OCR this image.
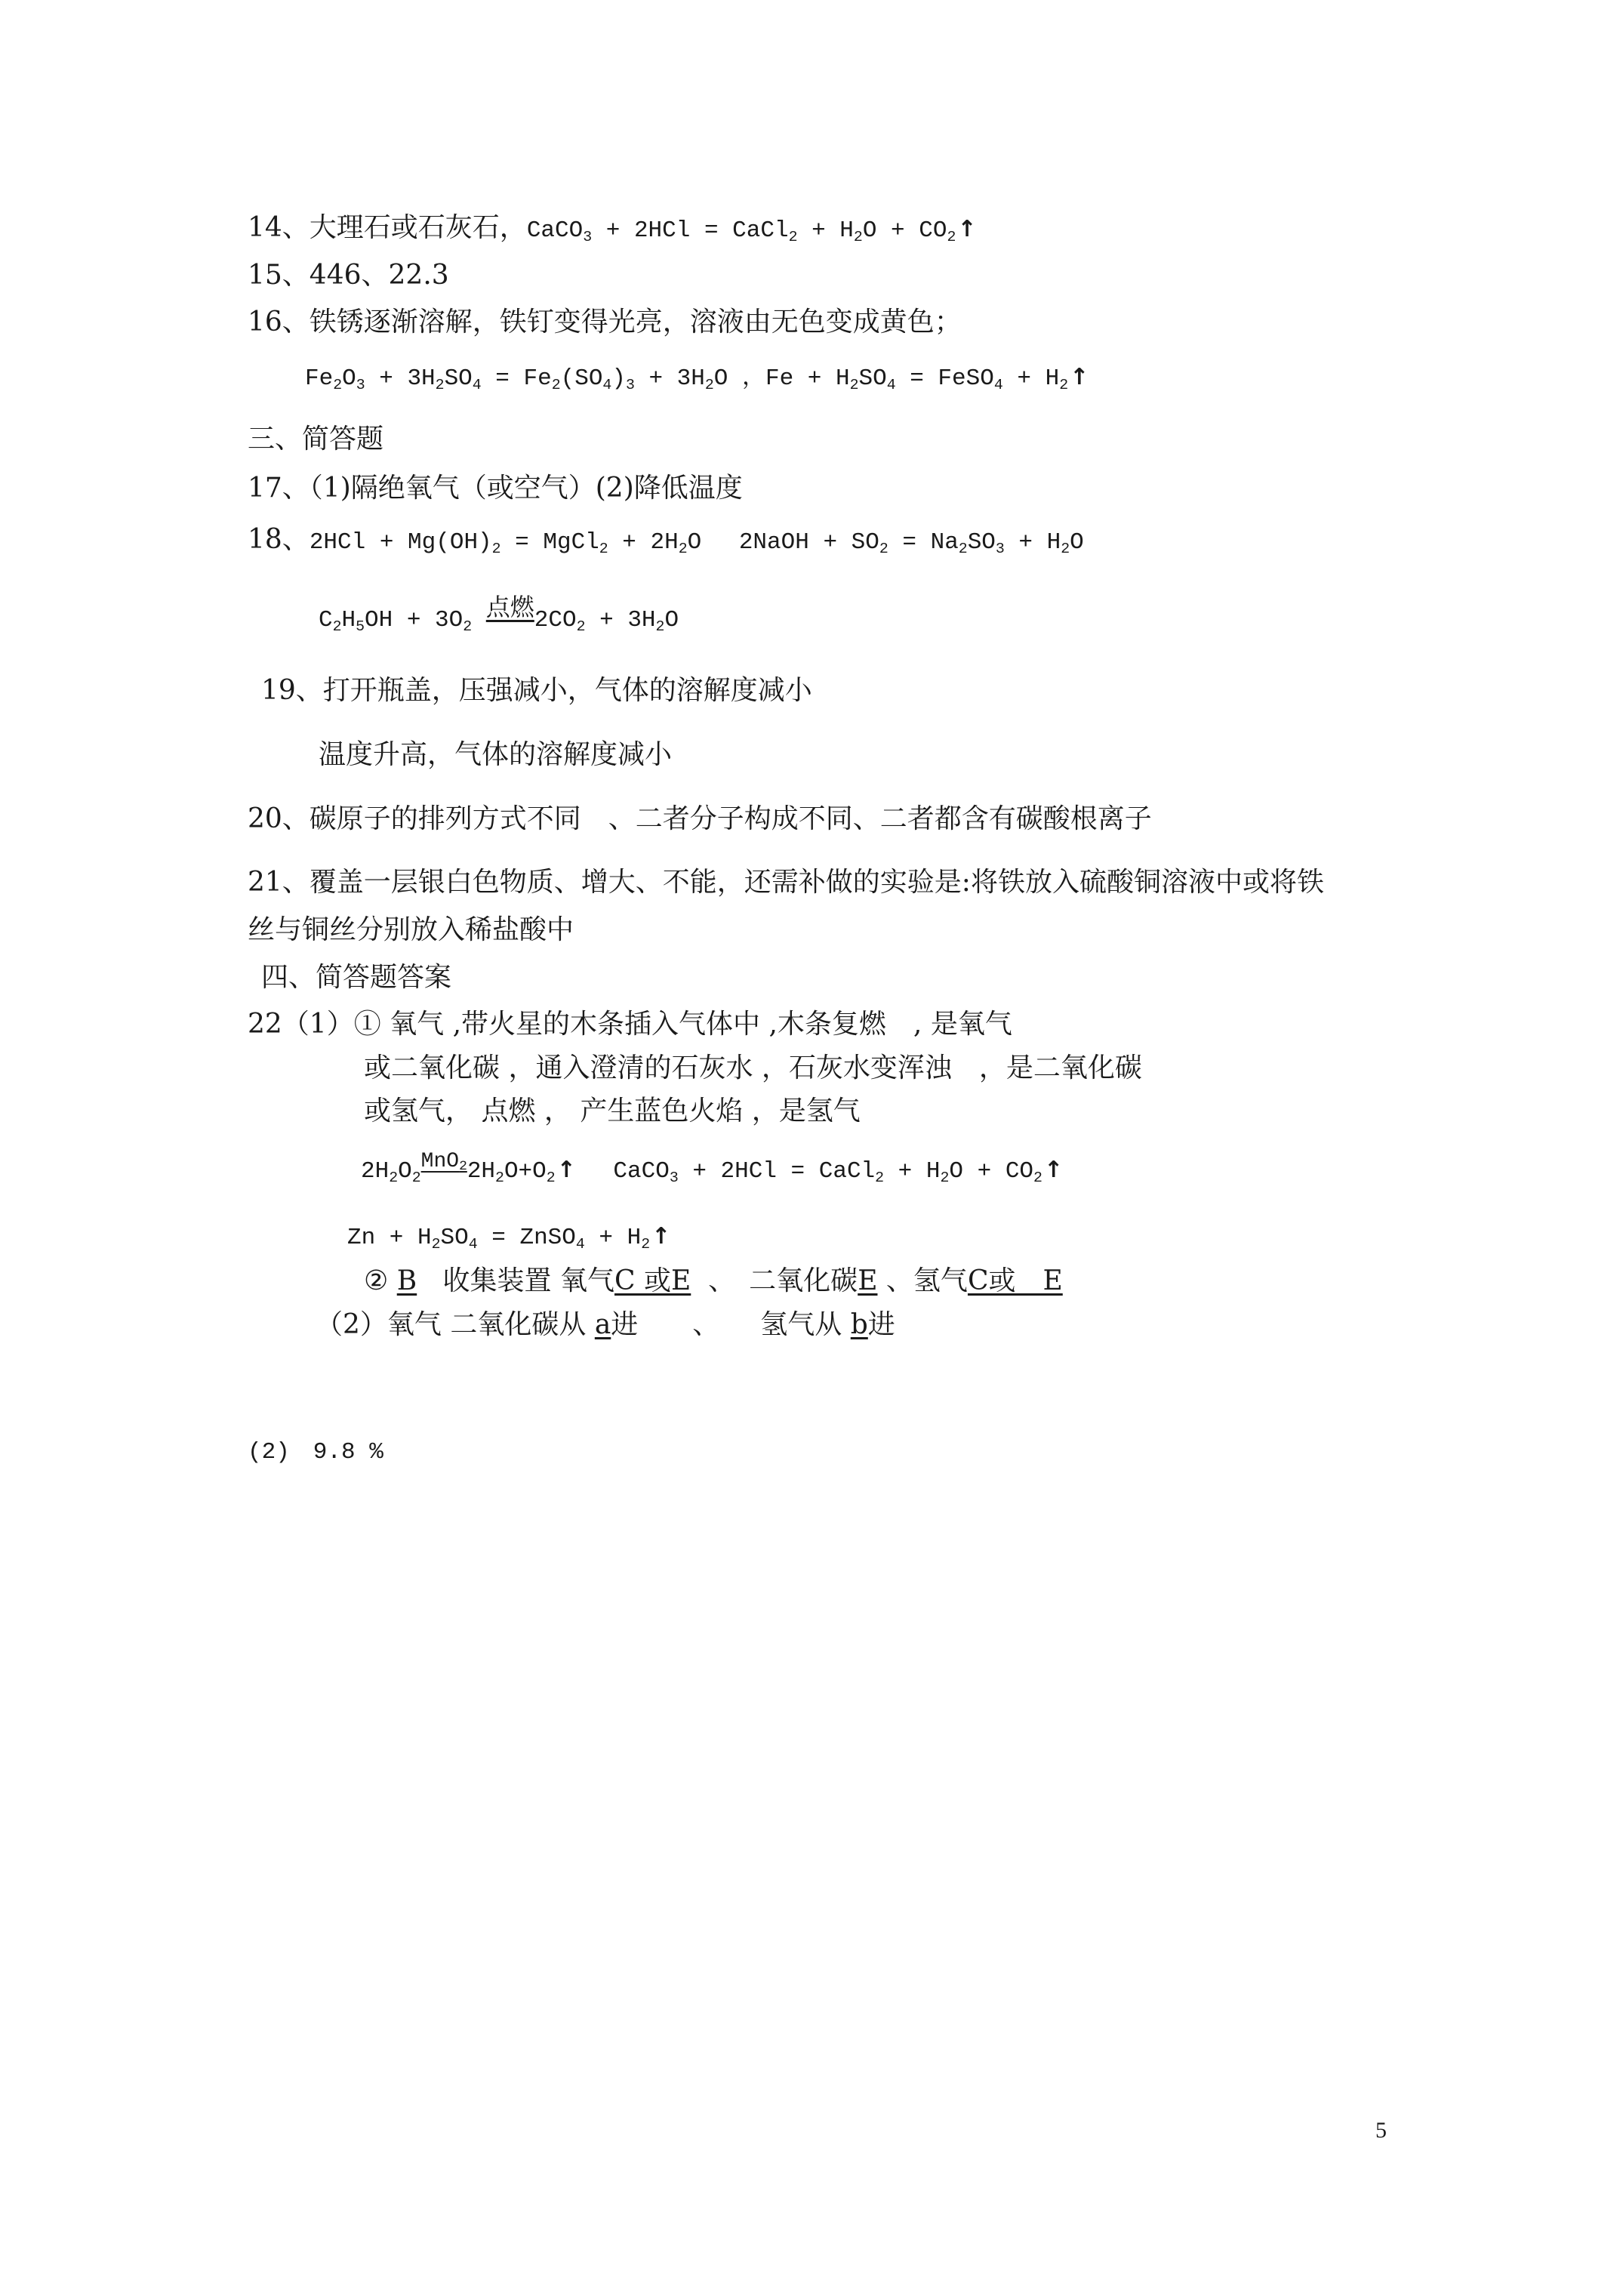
14、大理石或石灰石，CaCO$_3$ + 2HCl = CaCl$_2$ + $H_2O$ + $CO_2↑$
15、446、22.3
16、铁锈逐渐溶解，铁钉变得光亮，溶液由无色变成黄色；
$Fe_2O_3 + 3H_2SO_4 = Fe_2(SO_4)_3 + 3H_2O$ ，$Fe + H_2SO_4$ = FeSO$_4$ + $H_2↑$
三、简答题
17、（1)隔绝氧气（或空气）(2)降低温度
18、$2HCl + Mg(OH)_2$ = MgCl$_2$ + $2H_2O$　 2NaOH + $SO_2 = Na_2SO_3 + H_2O$
$C_2H_5OH + 3O_2$ 点燃$2CO_2 + 3H_2O$
19、打开瓶盖，压强减小，气体的溶解度减小
温度升高，气体的溶解度减小
20、碳原子的排列方式不同　、二者分子构成不同、二者都含有碳酸根离子
21、覆盖一层银白色物质、增大、不能，还需补做的实验是:将铁放入硫酸铜溶液中或将铁
丝与铜丝分别放入稀盐酸中
四、简答题答案
22（1）① 氧气 ,带火星的木条插入气体中 ,木条复燃　, 是氧气
或二氧化碳 ，通入澄清的石灰水 ，石灰水变浑浊　，是二氧化碳
或氢气， 点燃 ， 产生蓝色火焰 ，是氢气
$2H_2O_2MnO22H_2O+O_2↑$　 CaCO$_3$ + 2HCl = CaCl$_2$ + $H_2O$ + $CO_2↑$
$Zn + H_2SO_4$ = ZnSO$_4$ + $H_2↑$
② B 收集装置 氧气C 或E 、　二氧化碳E 、氢气C或　E
（2）氧气 二氧化碳从 a进　　、　　氢气从 b进
(2)　9.8 %
5
